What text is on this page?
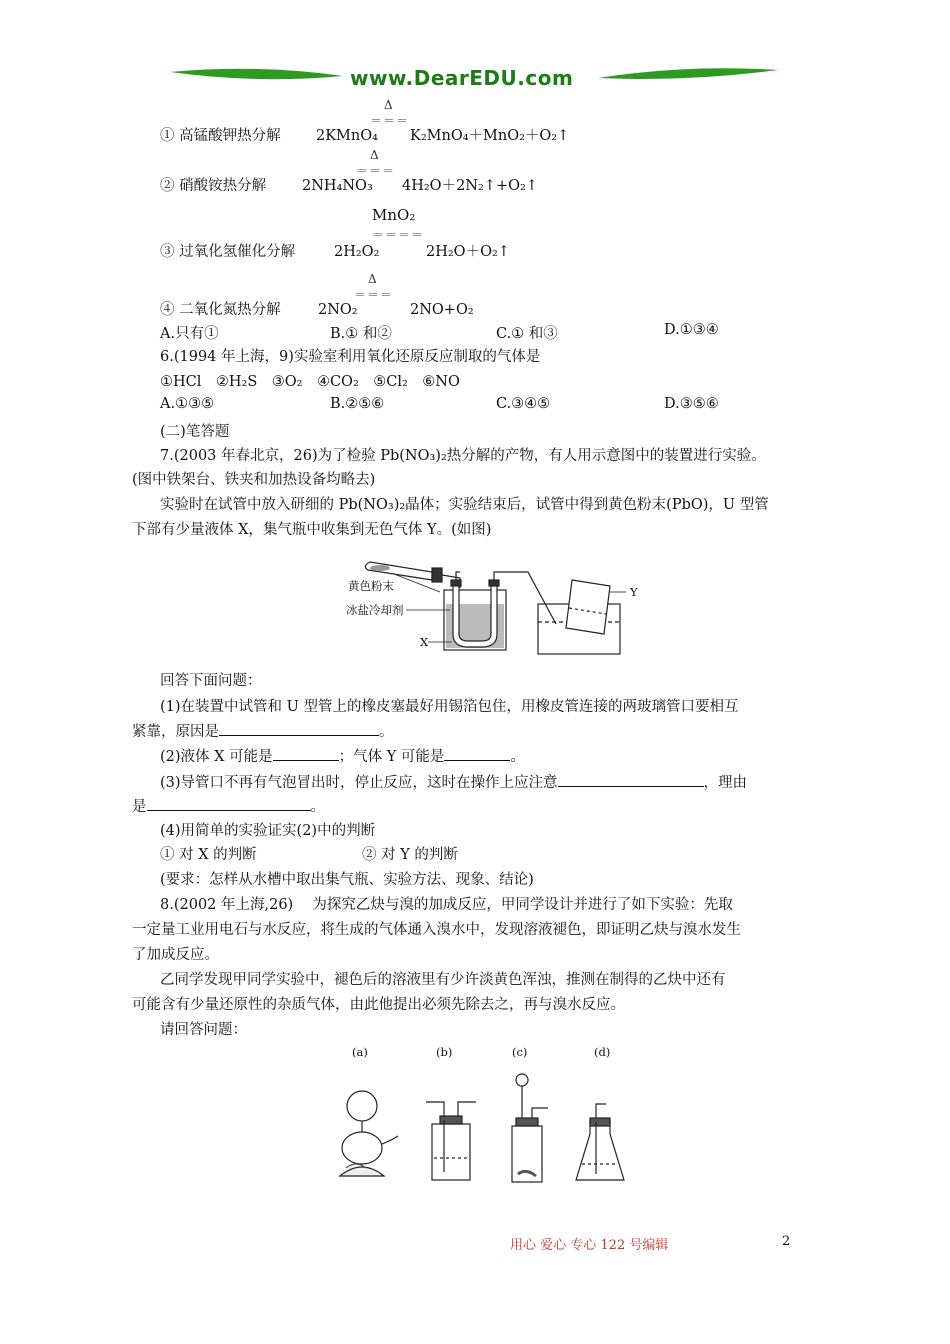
www.DearEDU.com
Δ
＝＝＝
① 高锰酸钾热分解 2KMnO₄ K₂MnO₄＋MnO₂＋O₂↑
Δ
＝＝＝
② 硝酸铵热分解 2NH₄NO₃ 4H₂O＋2N₂↑+O₂↑
MnO₂
＝＝＝＝
③ 过氧化氢催化分解	2H₂O₂	2H₂O＋O₂↑
Δ
＝＝＝
④ 二氧化氮热分解	2NO₂	2NO+O₂
A.只有①	B.① 和②	C.① 和③	D.①③④
6.(1994 年上海，9)实验室利用氧化还原反应制取的气体是
①HCl　②H₂S　③O₂　④CO₂　⑤Cl₂　⑥NO
A.①③⑤	B.②⑤⑥	C.③④⑤	D.③⑤⑥
(二)笔答题
7.(2003 年春北京，26)为了检验 Pb(NO₃)₂热分解的产物，有人用示意图中的装置进行实验。
(图中铁架台、铁夹和加热设备均略去)
实验时在试管中放入研细的 Pb(NO₃)₂晶体；实验结束后，试管中得到黄色粉末(PbO)，U 型管
下部有少量液体 X，集气瓶中收集到无色气体 Y。(如图)
黄色粉末
冰盐冷却剂
X
Y
回答下面问题：
(1)在装置中试管和 U 型管上的橡皮塞最好用锡箔包住，用橡皮管连接的两玻璃管口要相互
紧靠，原因是	。
(2)液体 X 可能是	；气体 Y 可能是	。
(3)导管口不再有气泡冒出时，停止反应，这时在操作上应注意	，理由
是	。
(4)用简单的实验证实(2)中的判断
① 对 X 的判断	② 对 Y 的判断
(要求：怎样从水槽中取出集气瓶、实验方法、现象、结论)
8.(2002 年上海,26)　 为探究乙炔与溴的加成反应，甲同学设计并进行了如下实验：先取
一定量工业用电石与水反应，将生成的气体通入溴水中，发现溶液褪色，即证明乙炔与溴水发生
了加成反应。
乙同学发现甲同学实验中，褪色后的溶液里有少许淡黄色浑浊，推测在制得的乙炔中还有
可能含有少量还原性的杂质气体，由此他提出必须先除去之，再与溴水反应。
请回答问题：
(a)	(b)	(c)	(d)
用心 爱心 专心 122 号编辑	2
